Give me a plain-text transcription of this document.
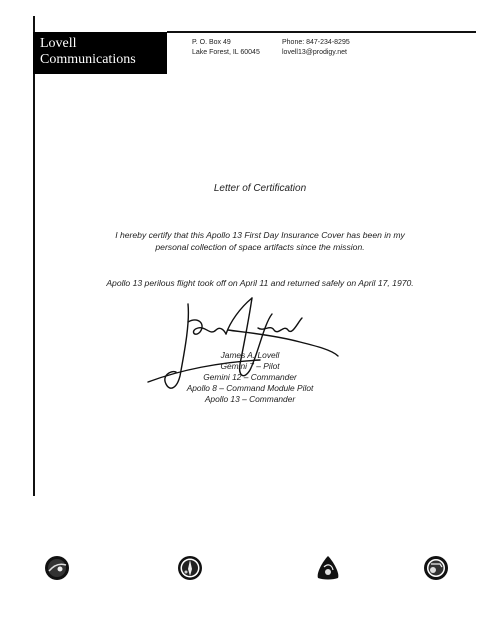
Lovell
Communications
P. O. Box 49
Lake Forest, IL 60045
Phone: 847-234-8295
lovell13@prodigy.net
Letter of Certification
I hereby certify that this Apollo 13 First Day Insurance Cover has been in my
personal collection of space artifacts since the mission.
Apollo 13 perilous flight took off on April 11 and returned safely on April 17, 1970.
James A. Lovell
Gemini 7 – Pilot
Gemini 12 – Commander
Apollo 8 – Command Module Pilot
Apollo 13 – Commander
